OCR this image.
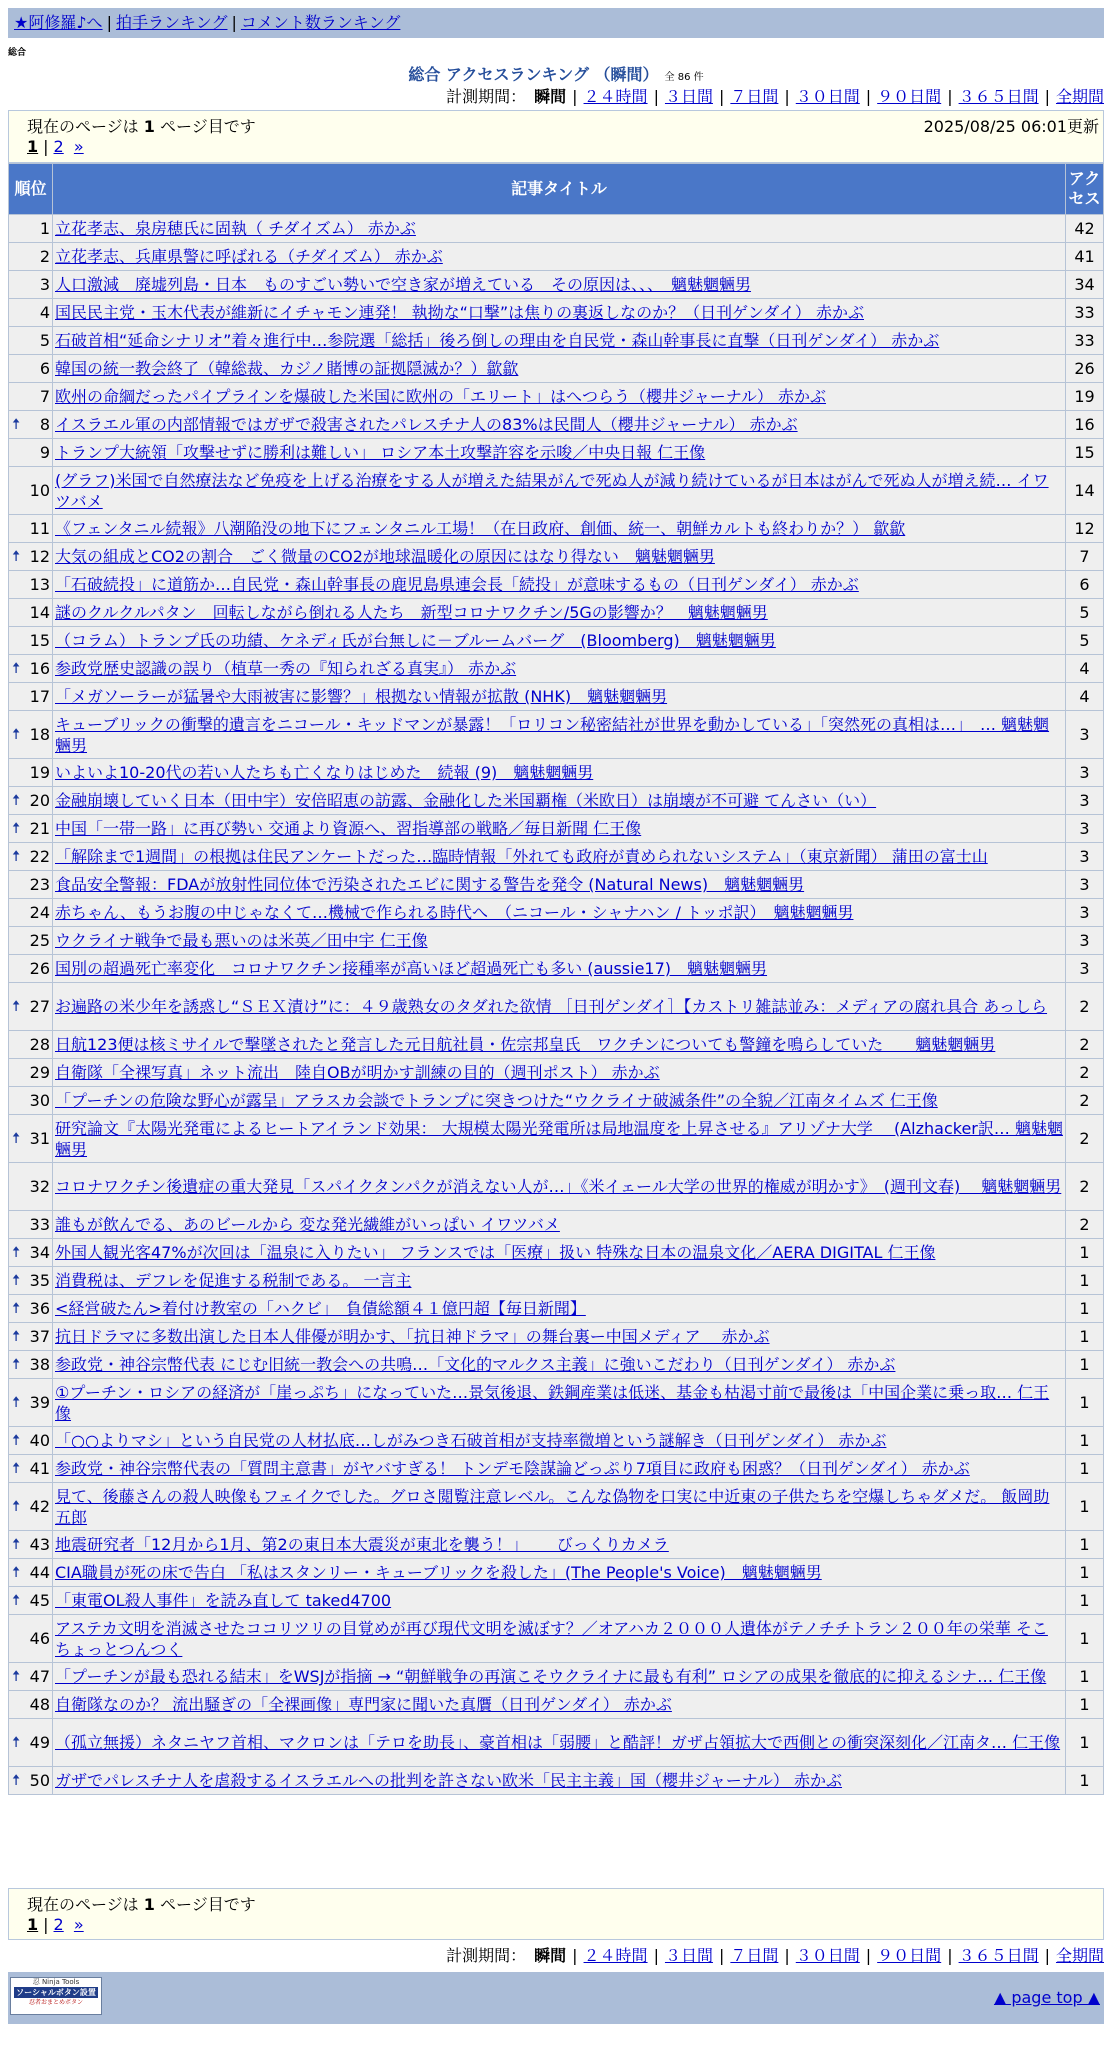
★阿修羅♪へ | 拍手ランキング | コメント数ランキング
総合
総合 アクセスランキング （瞬間） 全 86 件
計測期間： 瞬間 | ２４時間 | ３日間 | ７日間 | ３０日間 | ９０日間 | ３６５日間 | 全期間
現在のページは 1 ページ目です	2025/08/25 06:01更新
1 | 2 »
順位	記事タイトル	アクセス
1	立花孝志、泉房穂氏に固執（ チダイズム） 赤かぶ	42
2	立花孝志、兵庫県警に呼ばれる（チダイズム） 赤かぶ	41
3	人口激減　廃墟列島・日本　ものすごい勢いで空き家が増えている　その原因は、、、　魑魅魍魎男	34
4	国民民主党・玉木代表が維新にイチャモン連発！ 執拗な“口撃”は焦りの裏返しなのか？（日刊ゲンダイ） 赤かぶ	33
5	石破首相“延命シナリオ”着々進行中…参院選「総括」後ろ倒しの理由を自民党・森山幹事長に直撃（日刊ゲンダイ） 赤かぶ	33
6	韓国の統一教会終了（韓総裁、カジノ賭博の証拠隠滅か？）歙歙	26
7	欧州の命綱だったパイプラインを爆破した米国に欧州の「エリート」はへつらう（櫻井ジャーナル） 赤かぶ	19

🠅 8	イスラエル軍の内部情報ではガザで殺害されたパレスチナ人の83%は民間人（櫻井ジャーナル） 赤かぶ	16
9	トランプ大統領「攻撃せずに勝利は難しい」 ロシア本土攻撃許容を示唆／中央日報 仁王像	15
10	(グラフ)米国で自然療法など免疫を上げる治療をする人が増えた結果がんで死ぬ人が減り続けているが日本はがんで死ぬ人が増え続… イワツバメ	14
11	《フェンタニル続報》八潮陥没の地下にフェンタニル工場！（在日政府、創価、統一、朝鮮カルトも終わりか？） 歙歙	12

🠅 12	大気の組成とCO2の割合　ごく微量のCO2が地球温暖化の原因にはなり得ない　魑魅魍魎男	7
13	「石破続投」に道筋か…自民党・森山幹事長の鹿児島県連会長「続投」が意味するもの（日刊ゲンダイ） 赤かぶ	6
14	謎のクルクルパタン　回転しながら倒れる人たち　新型コロナワクチン/5Gの影響か？　魑魅魍魎男	5
15	（コラム）トランプ氏の功績、ケネディ氏が台無しに－ブルームバーグ　(Bloomberg)　魑魅魍魎男	5

🠅 16	参政党歴史認識の誤り（植草一秀の『知られざる真実』） 赤かぶ	4
17	「メガソーラーが猛暑や大雨被害に影響？」根拠ない情報が拡散 (NHK)　魑魅魍魎男	4

🠅 18	キューブリックの衝撃的遺言をニコール・キッドマンが暴露！「ロリコン秘密結社が世界を動かしている」「突然死の真相は…」　… 魑魅魍魎男	3
19	いよいよ10-20代の若い人たちも亡くなりはじめた　続報 (9)　魑魅魍魎男	3

🠅 20	金融崩壊していく日本（田中宇）安倍昭恵の訪露、金融化した米国覇権（米欧日）は崩壊が不可避 てんさい（い）	3

🠅 21	中国「一帯一路」に再び勢い 交通より資源へ、習指導部の戦略／毎日新聞 仁王像	3

🠅 22	「解除まで1週間」の根拠は住民アンケートだった…臨時情報「外れても政府が責められないシステム」（東京新聞） 蒲田の富士山	3
23	食品安全警報：FDAが放射性同位体で汚染されたエビに関する警告を発令 (Natural News)　魑魅魍魎男	3
24	赤ちゃん、もうお腹の中じゃなくて…機械で作られる時代へ　（ニコール・シャナハン / トッポ訳）　魑魅魍魎男	3
25	ウクライナ戦争で最も悪いのは米英／田中宇 仁王像	3
26	国別の超過死亡率変化　コロナワクチン接種率が高いほど超過死亡も多い (aussie17)　魑魅魍魎男	3

🠅 27	お遍路の米少年を誘惑し“ＳＥＸ漬け”に：４９歳熟女のタダれた欲情 ［日刊ゲンダイ］【カストリ雑誌並み：メディアの腐れ具合 あっしら	2
28	日航123便は核ミサイルで撃墜されたと発言した元日航社員・佐宗邦皇氏　ワクチンについても警鐘を鳴らしていた　　魑魅魍魎男	2
29	自衛隊「全裸写真」ネット流出　陸自OBが明かす訓練の目的（週刊ポスト） 赤かぶ	2
30	「プーチンの危険な野心が露呈」アラスカ会談でトランプに突きつけた“ウクライナ破滅条件”の全貌／江南タイムズ 仁王像	2

🠅 31	研究論文『太陽光発電によるヒートアイランド効果： 大規模太陽光発電所は局地温度を上昇させる』アリゾナ大学　 (Alzhacker訳… 魑魅魍魎男	2
32	コロナワクチン後遺症の重大発見「スパイクタンパクが消えない人が…」《米イェール大学の世界的権威が明かす》　(週刊文春)　 魑魅魍魎男	2
33	誰もが飲んでる、あのビールから 変な発光繊維がいっぱい イワツバメ	2

🠅 34	外国人観光客47%が次回は「温泉に入りたい」 フランスでは「医療」扱い 特殊な日本の温泉文化／AERA DIGITAL 仁王像	1

🠅 35	消費税は、デフレを促進する税制である。 一言主	1

🠅 36	<経営破たん>着付け教室の「ハクビ」　負債総額４１億円超【毎日新聞】	1

🠅 37	抗日ドラマに多数出演した日本人俳優が明かす、「抗日神ドラマ」の舞台裏ー中国メディア　 赤かぶ	1

🠅 38	参政党・神谷宗幣代表 にじむ旧統一教会への共鳴…「文化的マルクス主義」に強いこだわり（日刊ゲンダイ） 赤かぶ	1

🠅 39	①プーチン・ロシアの経済が「崖っぷち」になっていた…景気後退、鉄鋼産業は低迷、基金も枯渇寸前で最後は「中国企業に乗っ取… 仁王像	1

🠅 40	「○○よりマシ」という自民党の人材払底…しがみつき石破首相が支持率微増という謎解き（日刊ゲンダイ） 赤かぶ	1

🠅 41	参政党・神谷宗幣代表の「質問主意書」がヤバすぎる！ トンデモ陰謀論どっぷり7項目に政府も困惑？（日刊ゲンダイ） 赤かぶ	1

🠅 42	見て、後藤さんの殺人映像もフェイクでした。グロさ閲覧注意レベル。こんな偽物を口実に中近東の子供たちを空爆しちゃダメだ。 飯岡助五郎	1

🠅 43	地震研究者「12月から1月、第2の東日本大震災が東北を襲う！」　　 びっくりカメラ	1

🠅 44	CIA職員が死の床で告白 「私はスタンリー・キューブリックを殺した」(The People's Voice)　魑魅魍魎男	1

🠅 45	「東電OL殺人事件」を読み直して taked4700	1
46	アステカ文明を消滅させたココリツリの目覚めが再び現代文明を滅ぼす？／オアハカ２０００人遺体がテノチチトラン２００年の栄華 そこちょっとつんつく	1

🠅 47	「プーチンが最も恐れる結末」をWSJが指摘 → “朝鮮戦争の再演こそウクライナに最も有利” ロシアの成果を徹底的に抑えるシナ… 仁王像	1
48	自衛隊なのか？ 流出騒ぎの「全裸画像」専門家に聞いた真贋（日刊ゲンダイ） 赤かぶ	1

🠅 49	（孤立無援）ネタニヤフ首相、マクロンは「テロを助長」、豪首相は「弱腰」と酷評！ガザ占領拡大で西側との衝突深刻化／江南タ… 仁王像	1

🠅 50	ガザでパレスチナ人を虐殺するイスラエルへの批判を許さない欧米「民主主義」国（櫻井ジャーナル） 赤かぶ	1
現在のページは 1 ページ目です
1 | 2 »
計測期間： 瞬間 | ２４時間 | ３日間 | ７日間 | ３０日間 | ９０日間 | ３６５日間 | 全期間
忍 Ninja Tools
ソーシャルボタン設置
忍者おまとめボタン	▲ page top ▲
